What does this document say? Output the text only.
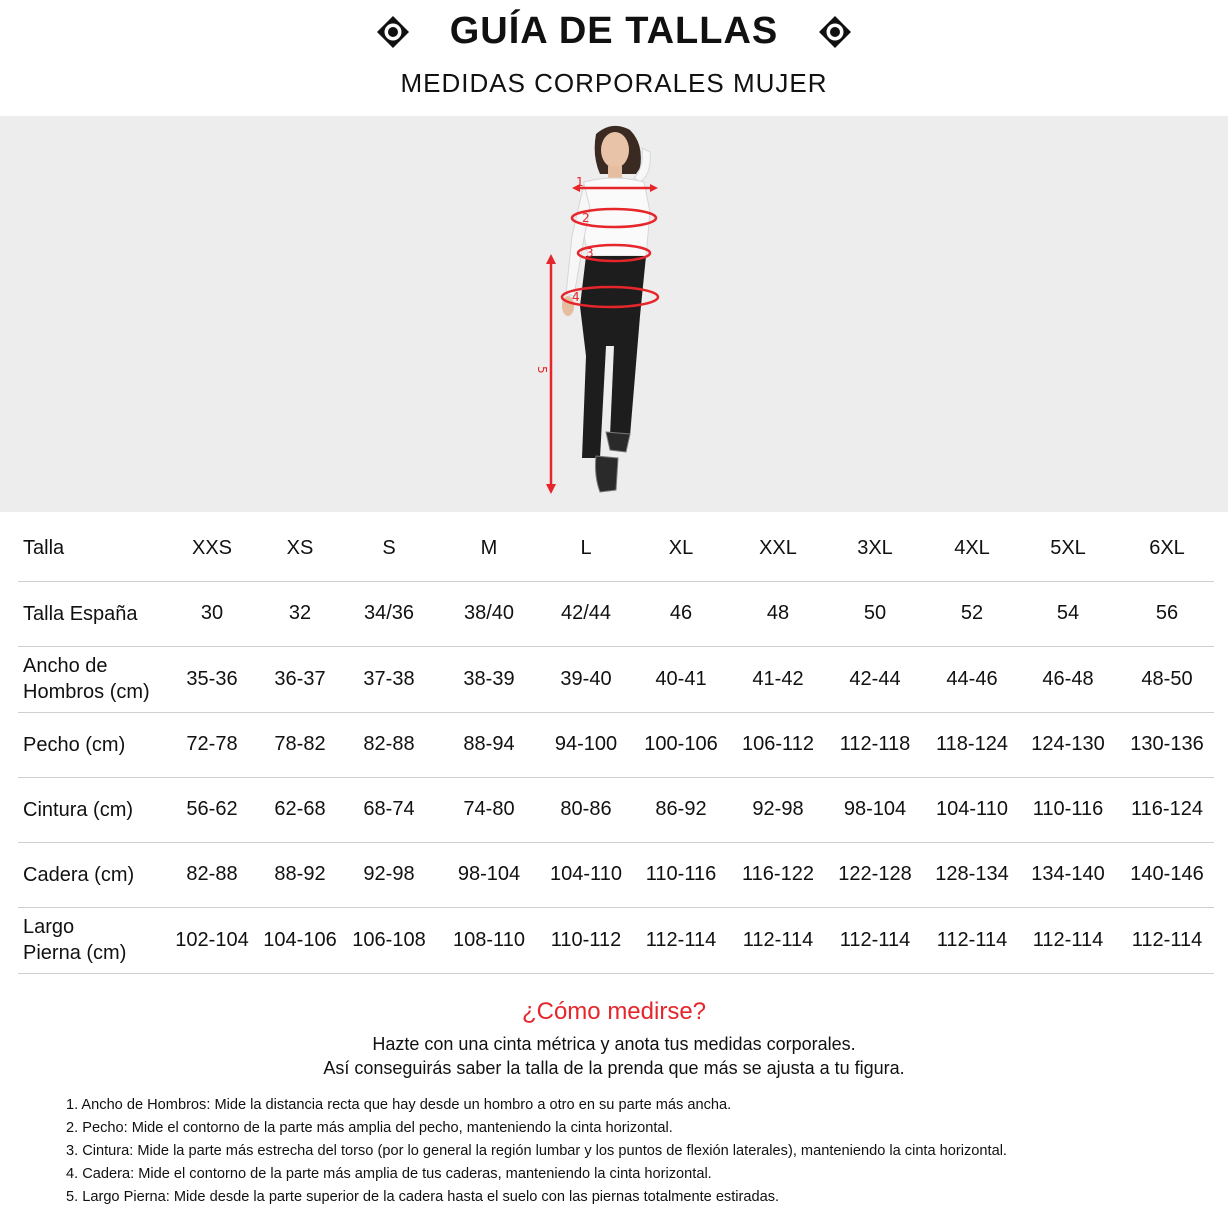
GUÍA DE TALLAS
MEDIDAS CORPORALES MUJER
1
2
3
4
5
Talla	XXS	XS	S	M	L	XL	XXL	3XL	4XL	5XL	6XL

Talla España	30	32	34/36	38/40	42/44	46	48	50	52	54	56

Ancho de
Hombros (cm)	35-36	36-37	37-38	38-39	39-40	40-41	41-42	42-44	44-46	46-48	48-50

Pecho (cm)	72-78	78-82	82-88	88-94	94-100	100-106	106-112	112-118	118-124	124-130	130-136

Cintura (cm)	56-62	62-68	68-74	74-80	80-86	86-92	92-98	98-104	104-110	110-116	116-124

Cadera (cm)	82-88	88-92	92-98	98-104	104-110	110-116	116-122	122-128	128-134	134-140	140-146

Largo
Pierna (cm)	102-104	104-106	106-108	108-110	110-112	112-114	112-114	112-114	112-114	112-114	112-114
¿Cómo medirse?
Hazte con una cinta métrica y anota tus medidas corporales.
Así conseguirás saber la talla de la prenda que más se ajusta a tu figura.
1. Ancho de Hombros: Mide la distancia recta que hay desde un hombro a otro en su parte más ancha.
2. Pecho: Mide el contorno de la parte más amplia del pecho, manteniendo la cinta horizontal.
3. Cintura: Mide la parte más estrecha del torso (por lo general la región lumbar y los puntos de flexión laterales), manteniendo la cinta horizontal.
4. Cadera: Mide el contorno de la parte más amplia de tus caderas, manteniendo la cinta horizontal.
5. Largo Pierna: Mide desde la parte superior de la cadera hasta el suelo con las piernas totalmente estiradas.
